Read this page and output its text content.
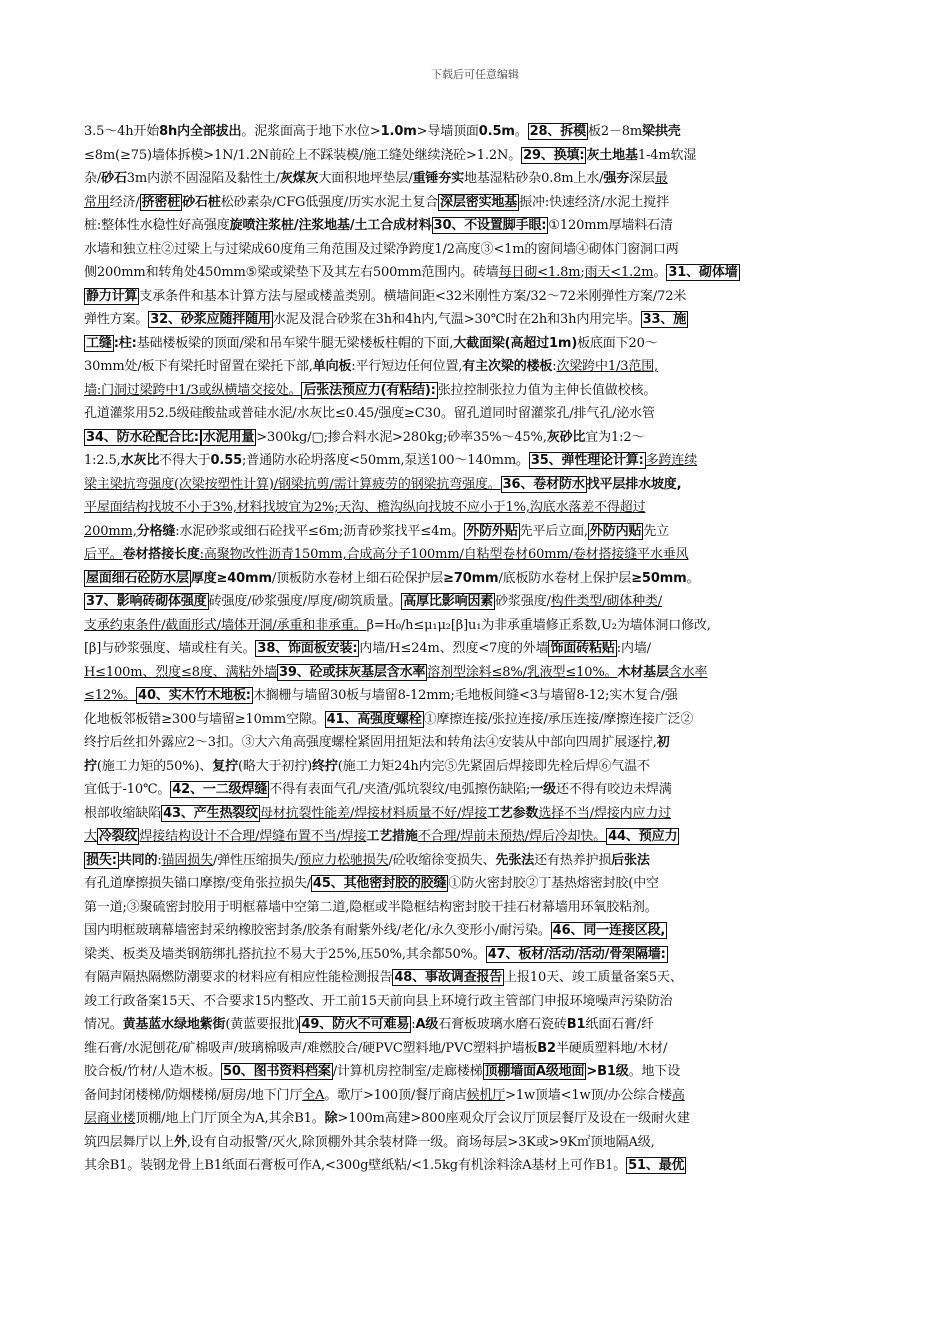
下载后可任意编辑
3.5～4h开始8h内全部拔出。泥浆面高于地下水位>1.0m>导墙顶面0.5m。 28、拆模 板2－8m梁拱壳
≤8m(≥75)墙体拆模>1N/1.2N前砼上不踩装模/施工缝处继续浇砼>1.2N。 29、换填: 灰土地基1-4m软湿
杂/砂石3m内淤不固湿陷及黏性土/灰煤灰大面积地坪垫层/重锤夯实地基湿粘砂杂0.8m上水/强夯深层最
常用经济/ 挤密桩 砂石桩松砂素杂/CFG低强度/历实水泥土复合 深层密实地基 振冲:快速经济/水泥土搅拌
桩:整体性水稳性好高强度旋喷注浆桩/注浆地基/土工合成材料 30、不设置脚手眼: ①120mm厚墙料石清
水墙和独立柱②过梁上与过梁成60度角三角范围及过梁净跨度1/2高度③<1m的窗间墙④砌体门窗洞口两
侧200mm和转角处450mm⑤梁或梁垫下及其左右500mm范围内。砖墙每日砌<1.8m;雨天<1.2m。 31、砌体墙
静力计算 支承条件和基本计算方法与屋或楼盖类别。横墙间距<32米刚性方案/32～72米刚弹性方案/72米
弹性方案。 32、砂浆应随拌随用 水泥及混合砂浆在3h和4h内,气温>30℃时在2h和3h内用完毕。 33、施
工缝 :柱:基础楼板梁的顶面/梁和吊车梁牛腿无梁楼板柱帽的下面,大截面梁(高超过1m)板底面下20～
30mm处/板下有梁托时留置在梁托下部,单向板:平行短边任何位置,有主次梁的楼板:次梁跨中1/3范围,
墙:门洞过梁跨中1/3或纵横墙交接处。 后张法预应力(有粘结): 张拉控制张拉力值为主伸长值做校核。
孔道灌浆用52.5级硅酸盐或普硅水泥/水灰比≤0.45/强度≥C30。留孔道同时留灌浆孔/排气孔/泌水管
34、防水砼配合比: 水泥用量 >300kg/▢;掺合料水泥>280kg;砂率35%～45%,灰砂比宜为1:2～
1:2.5,水灰比不得大于0.55;普通防水砼坍落度<50mm,泵送100～140mm。 35、弹性理论计算: 多跨连续
梁主梁抗弯强度(次梁按塑性计算)/钢梁抗剪/需计算疲劳的钢梁抗弯强度。 36、卷材防水 找平层排水坡度,
平屋面结构找坡不小于3%,材料找坡宜为2%;天沟、檐沟纵向找坡不应小于1%,沟底水落差不得超过
200mm,分格缝:水泥砂浆或细石砼找平≤6m;沥青砂浆找平≤4m。 外防外贴 先平后立面, 外防内贴 先立
后平。卷材搭接长度:高聚物改性沥青150mm,合成高分子100mm/自粘型卷材60mm/卷材搭接缝平水垂风
屋面细石砼防水层 厚度≥40mm/顶板防水卷材上细石砼保护层≥70mm/底板防水卷材上保护层≥50mm。
37、影响砖砌体强度 砖强度/砂浆强度/厚度/砌筑质量。 高厚比影响因素 砂浆强度/构件类型/砌体种类/
支承约束条件/截面形式/墙体开洞/承重和非承重。β=H₀/h≤μ₁μ₂[β]u₁为非承重墙修正系数,U₂为墙体洞口修改,
[β]与砂浆强度、墙或柱有关。 38、饰面板安装: 内墙/H≤24m、烈度<7度的外墙 饰面砖粘贴 :内墙/
H≤100m、烈度≤8度、满粘外墙 39、砼或抹灰基层含水率 溶剂型涂料≤8%/乳液型≤10%。木材基层含水率
≤12%。 40、实木竹木地板: 木搁栅与墙留30板与墙留8-12mm;毛地板间缝<3与墙留8-12;实木复合/强
化地板邻板错≥300与墙留≥10mm空隙。 41、高强度螺栓 ①摩擦连接/张拉连接/承压连接/摩擦连接广泛②
终拧后丝扣外露应2～3扣。③大六角高强度螺栓紧固用扭矩法和转角法④安装从中部向四周扩展逐拧,初
拧(施工力矩的50%)、复拧(略大于初拧)终拧(施工力矩24h内完⑤先紧固后焊接即先栓后焊⑥气温不
宜低于-10℃。 42、一二级焊缝 不得有表面气孔/夹渣/弧坑裂纹/电弧擦伤缺陷;一级还不得有咬边未焊满
根部收缩缺陷 43、产生热裂纹 母材抗裂性能差/焊接材料质量不好/焊接工艺参数选择不当/焊接内应力过
大 冷裂纹 焊接结构设计不合理/焊缝布置不当/焊接工艺措施不合理/焊前未预热/焊后冷却快。 44、预应力
损失: 共同的:锚固损失/弹性压缩损失/预应力松驰损失/砼收缩徐变损失、先张法还有热养护损后张法
有孔道摩擦损失锚口摩擦/变角张拉损失/ 45、其他密封胶的胶缝 ①防火密封胶②丁基热熔密封胶(中空
第一道;③聚硫密封胶用于明框幕墙中空第二道,隐框或半隐框结构密封胶干挂石材幕墙用环氧胶粘剂。
国内明框玻璃幕墙密封采纳橡胶密封条/胶条有耐紫外线/老化/永久变形小/耐污染。 46、同一连接区段,
梁类、板类及墙类钢筋绑扎搭抗拉不易大于25%,压50%,其余都50%。 47、板材/活动/活动/骨架隔墙:
有隔声隔热隔燃防潮要求的材料应有相应性能检测报告 48、事故调查报告 上报10天、竣工质量备案5天、
竣工行政备案15天、不合要求15内整改、开工前15天前向县上环境行政主管部门申报环境噪声污染防治
情况。黄基蓝水绿地紫街(黄蓝要报批) 49、防火不可难易 :A级石膏板玻璃水磨石瓷砖B1纸面石膏/纤
维石膏/水泥刨花/矿棉吸声/玻璃棉吸声/难燃胶合/硬PVC塑料地/PVC塑料护墙板B2半硬质塑料地/木材/
胶合板/竹材/人造木板。 50、图书资料档案 /计算机房控制室/走廊楼梯 顶棚墙面A级地面 >B1级。地下设
备间封闭楼梯/防烟楼梯/厨房/地下门厅全A。歌厅>100顶/餐厅商店候机厅>1w顶墙<1w顶/办公综合楼高
层商业楼顶棚/地上门厅顶全为A,其余B1。除>100m高建>800座观众厅会议厅顶层餐厅及设在一级耐火建
筑四层舞厅以上外,设有自动报警/灭火,除顶棚外其余装材降一级。商场每层>3K或>9K㎡顶地隔A级,
其余B1。装钢龙骨上B1纸面石膏板可作A,<300g壁纸粘/<1.5kg有机涂料涂A基材上可作B1。 51、最优
